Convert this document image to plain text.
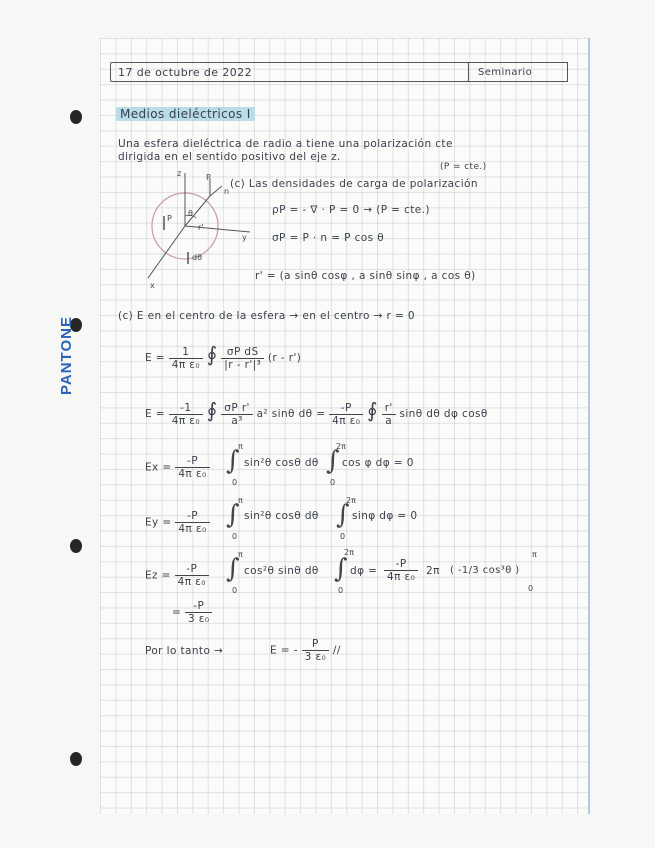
PANTONE
17 de octubre de 2022	Seminario
Medios dieléctricos I
Una esfera dieléctrica de radio a tiene una polarización cte
dirigida en el sentido positivo del eje z.
(P = cte.)
z
y
x
P
n
θ
r'
P
dθ
(c) Las densidades de carga de polarización
ρP = - ∇ · P = 0 → (P = cte.)
σP = P · n = P cos θ
r' = (a sinθ cosφ , a sinθ sinφ , a cos θ)
(c) E en el centro de la esfera → en el centro → r = 0
$E = \frac{1}{\text{4π ε₀}}$ ∮ $\frac{\text{σP dS}}{\text{|r - r'|³}} (r - r')$
$E = \frac{-1}{\text{4π ε₀}}$ ∮ $\frac{\text{σP r'}}{\text{a³}} a^2$ sinθ $d\theta = \frac{-P}{\text{4π ε₀}}$ ∮ $\frac{r'}{a}$ sinθ dθ dφ cosθ
$Ex = \frac{-P}{\text{4π ε₀}}$ ∫
π
0
sin²θ cosθ dθ ∫
2π
0
cos φ dφ = 0
$Ey = \frac{-P}{\text{4π ε₀}}$ ∫
π
0
sin²θ cosθ dθ ∫
2π
0
sinφ dφ = 0
$Ez = \frac{-P}{\text{4π ε₀}}$ ∫
π
0
cos²θ sinθ dθ ∫
2π
0
$d\varphi = \frac{-P}{\text{4π ε₀}} 2\pi$ ( -1/3 cos³θ )
π
0
= $\frac{-P}{\text{3 ε₀}}$
Por lo tanto →	E = - $\frac{P}{\text{3 ε₀}}$ //
